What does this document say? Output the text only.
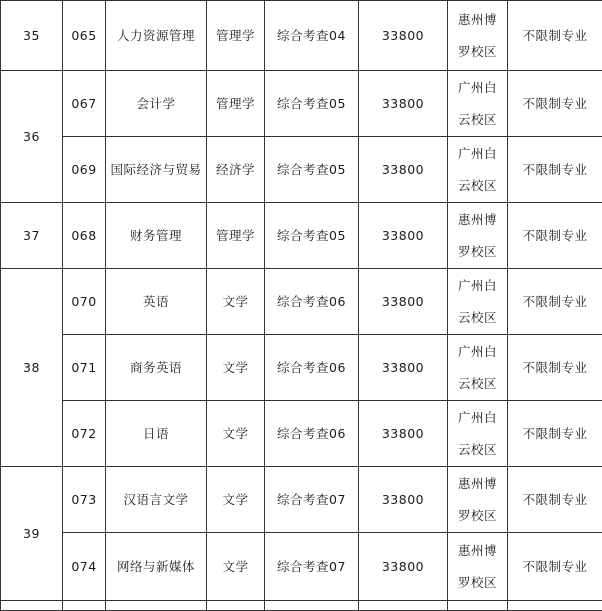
35	065	人力资源管理	管理学	综合考查04	33800	惠州博罗校区	不限制专业
36	067	会计学	管理学	综合考查05	33800	广州白云校区	不限制专业
	069	国际经济与贸易	经济学	综合考查05	33800	广州白云校区	不限制专业
37	068	财务管理	管理学	综合考查05	33800	惠州博罗校区	不限制专业
38	070	英语	文学	综合考查06	33800	广州白云校区	不限制专业
	071	商务英语	文学	综合考查06	33800	广州白云校区	不限制专业
	072	日语	文学	综合考查06	33800	广州白云校区	不限制专业
39	073	汉语言文学	文学	综合考查07	33800	惠州博罗校区	不限制专业
	074	网络与新媒体	文学	综合考查07	33800	惠州博罗校区	不限制专业
